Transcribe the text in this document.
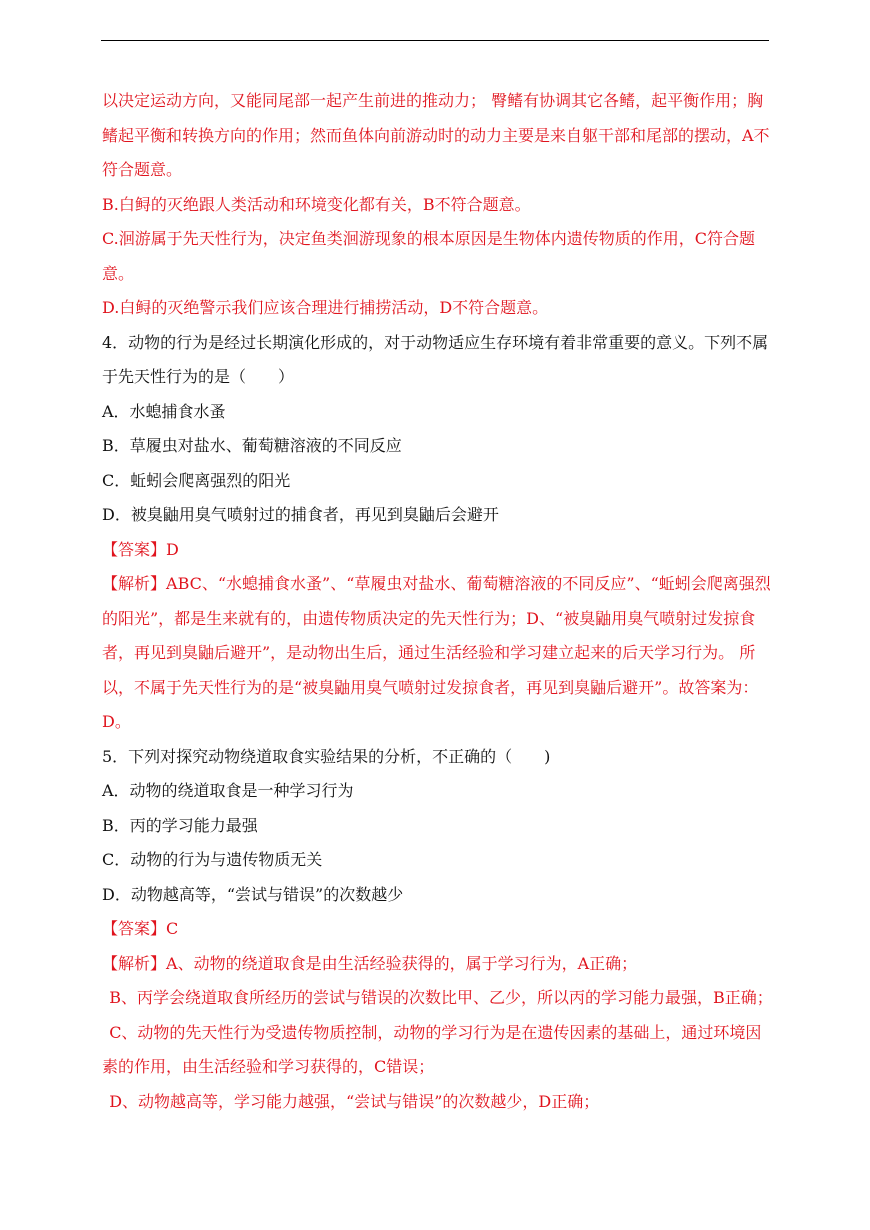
以决定运动方向，又能同尾部一起产生前进的推动力； 臀鳍有协调其它各鳍，起平衡作用；胸鳍起平衡和转换方向的作用；然而鱼体向前游动时的动力主要是来自躯干部和尾部的摆动，A不符合题意。

B.白鲟的灭绝跟人类活动和环境变化都有关，B不符合题意。

C.洄游属于先天性行为，决定鱼类洄游现象的根本原因是生物体内遗传物质的作用，C符合题意。

D.白鲟的灭绝警示我们应该合理进行捕捞活动，D不符合题意。

4．动物的行为是经过长期演化形成的，对于动物适应生存环境有着非常重要的意义。下列不属于先天性行为的是（　　）

A．水螅捕食水蚤

B．草履虫对盐水、葡萄糖溶液的不同反应

C．蚯蚓会爬离强烈的阳光

D．被臭鼬用臭气喷射过的捕食者，再见到臭鼬后会避开

【答案】D

【解析】ABC、“水螅捕食水蚤”、“草履虫对盐水、葡萄糖溶液的不同反应”、“蚯蚓会爬离强烈的阳光”，都是生来就有的，由遗传物质决定的先天性行为；D、“被臭鼬用臭气喷射过发掠食者，再见到臭鼬后避开”，是动物出生后，通过生活经验和学习建立起来的后天学习行为。 所以，不属于先天性行为的是“被臭鼬用臭气喷射过发掠食者，再见到臭鼬后避开”。故答案为：D。

5．下列对探究动物绕道取食实验结果的分析，不正确的（　　)

A．动物的绕道取食是一种学习行为

B．丙的学习能力最强

C．动物的行为与遗传物质无关

D．动物越高等，“尝试与错误”的次数越少

【答案】C

【解析】A、动物的绕道取食是由生活经验获得的，属于学习行为，A正确；

B、丙学会绕道取食所经历的尝试与错误的次数比甲、乙少，所以丙的学习能力最强，B正确；

C、动物的先天性行为受遗传物质控制，动物的学习行为是在遗传因素的基础上，通过环境因素的作用，由生活经验和学习获得的，C错误；

D、动物越高等，学习能力越强，“尝试与错误”的次数越少，D正确；
